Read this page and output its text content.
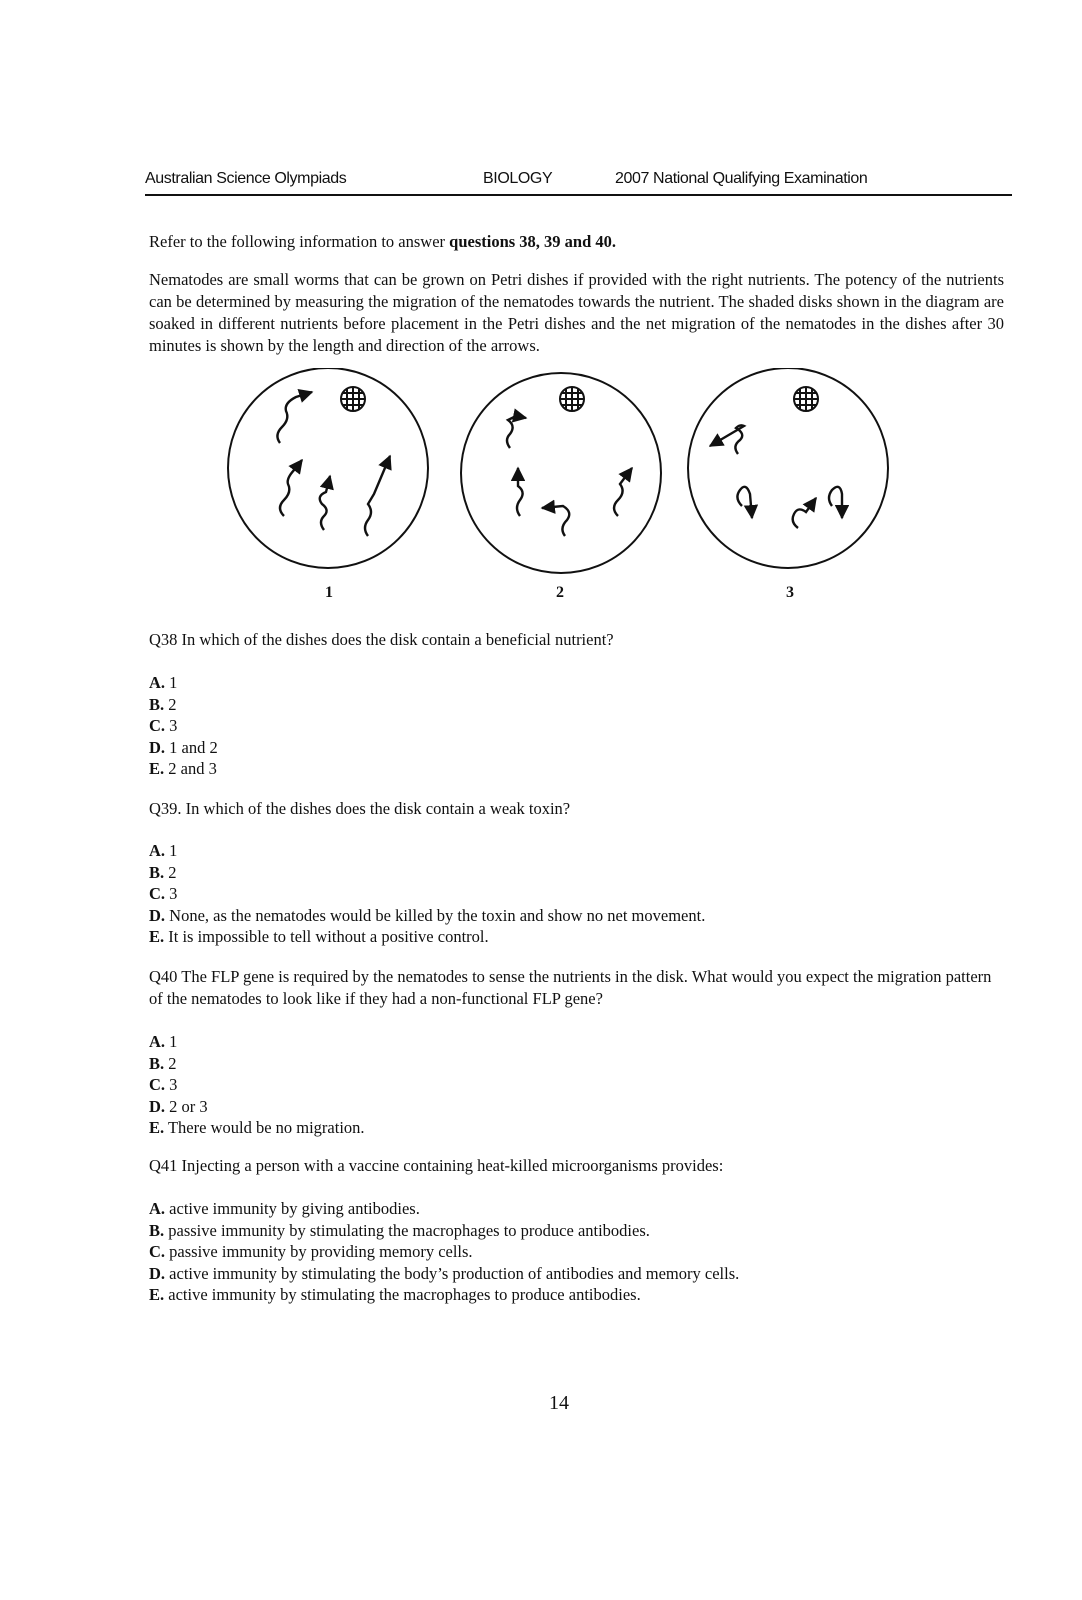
Australian Science Olympiads	BIOLOGY	2007 National Qualifying Examination
Refer to the following information to answer questions 38, 39 and 40.
Nematodes are small worms that can be grown on Petri dishes if provided with the right nutrients. The potency of the nutrients can be determined by measuring the migration of the nematodes towards the nutrient. The shaded disks shown in the diagram are soaked in different nutrients before placement in the Petri dishes and the net migration of the nematodes in the dishes after 30 minutes is shown by the length and direction of the arrows.
1	2	3
Q38 In which of the dishes does the disk contain a beneficial nutrient?
A. 1
B. 2
C. 3
D. 1 and 2
E. 2 and 3
Q39. In which of the dishes does the disk contain a weak toxin?
A. 1
B. 2
C. 3
D. None, as the nematodes would be killed by the toxin and show no net movement.
E. It is impossible to tell without a positive control.
Q40 The FLP gene is required by the nematodes to sense the nutrients in the disk. What would you expect the migration pattern of the nematodes to look like if they had a non-functional FLP gene?
A. 1
B. 2
C. 3
D. 2 or 3
E. There would be no migration.
Q41 Injecting a person with a vaccine containing heat-killed microorganisms provides:
A. active immunity by giving antibodies.
B. passive immunity by stimulating the macrophages to produce antibodies.
C. passive immunity by providing memory cells.
D. active immunity by stimulating the body’s production of antibodies and memory cells.
E. active immunity by stimulating the macrophages to produce antibodies.
14
